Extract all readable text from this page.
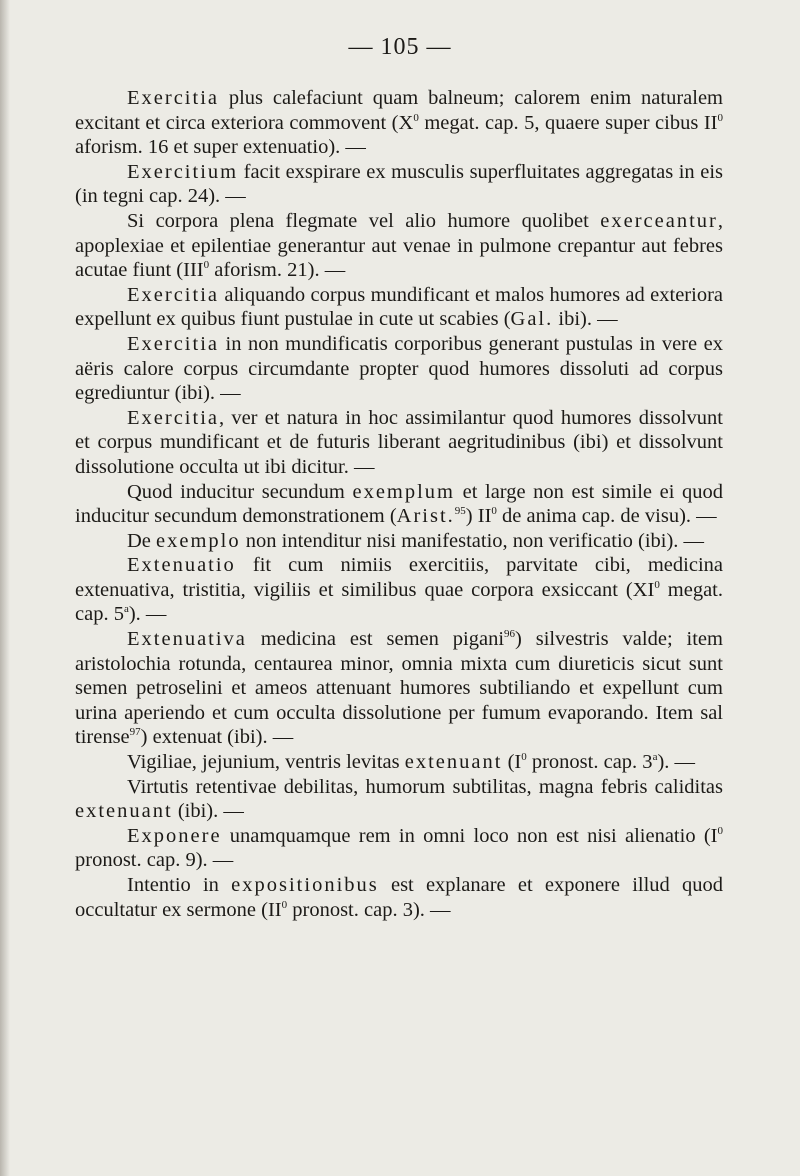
— 105 —

Exercitia plus calefaciunt quam balneum; calorem enim naturalem excitant et circa exteriora commovent ($X^0$ megat. cap. 5, quaere super cibus $II^0$ aforism. 16 et super extenuatio). —

Exercitium facit exspirare ex musculis superfluitates aggregatas in eis (in tegni cap. 24). —

Si corpora plena flegmate vel alio humore quolibet exerceantur, apoplexiae et epilentiae generantur aut venae in pulmone crepantur aut febres acutae fiunt (III$^0$ aforism. 21). —

Exercitia aliquando corpus mundificant et malos humores ad exteriora expellunt ex quibus fiunt pustulae in cute ut scabies (Gal. ibi). —

Exercitia in non mundificatis corporibus generant pustulas in vere ex aëris calore corpus circumdante propter quod humores dissoluti ad corpus egrediuntur (ibi). —

Exercitia, ver et natura in hoc assimilantur quod humores dissolvunt et corpus mundificant et de futuris liberant aegritudinibus (ibi) et dissolvunt dissolutione occulta ut ibi dicitur. —

Quod inducitur secundum exemplum et large non est simile ei quod inducitur secundum demonstrationem (Arist.$^{95}$) $II^0$ de anima cap. de visu). —

De exemplo non intenditur nisi manifestatio, non verificatio (ibi). —

Extenuatio fit cum nimiis exercitiis, parvitate cibi, medicina extenuativa, tristitia, vigiliis et similibus quae corpora exsiccant ($XI^0$ megat. cap. 5$^a$). —

Extenuativa medicina est semen pigani$^{96}$) silvestris valde; item aristolochia rotunda, centaurea minor, omnia mixta cum diureticis sicut sunt semen petroselini et ameos attenuant humores subtiliando et expellunt cum urina aperiendo et cum occulta dissolutione per fumum evaporando. Item sal tirense$^{97}$) extenuat (ibi). —

Vigiliae, jejunium, ventris levitas extenuant ($I^0$ pronost. cap. 3$^a$). —

Virtutis retentivae debilitas, humorum subtilitas, magna febris caliditas extenuant (ibi). —

Exponere unamquamque rem in omni loco non est nisi alienatio ($I^0$ pronost. cap. 9). —

Intentio in expositionibus est explanare et exponere illud quod occultatur ex sermone ($II^0$ pronost. cap. 3). —
